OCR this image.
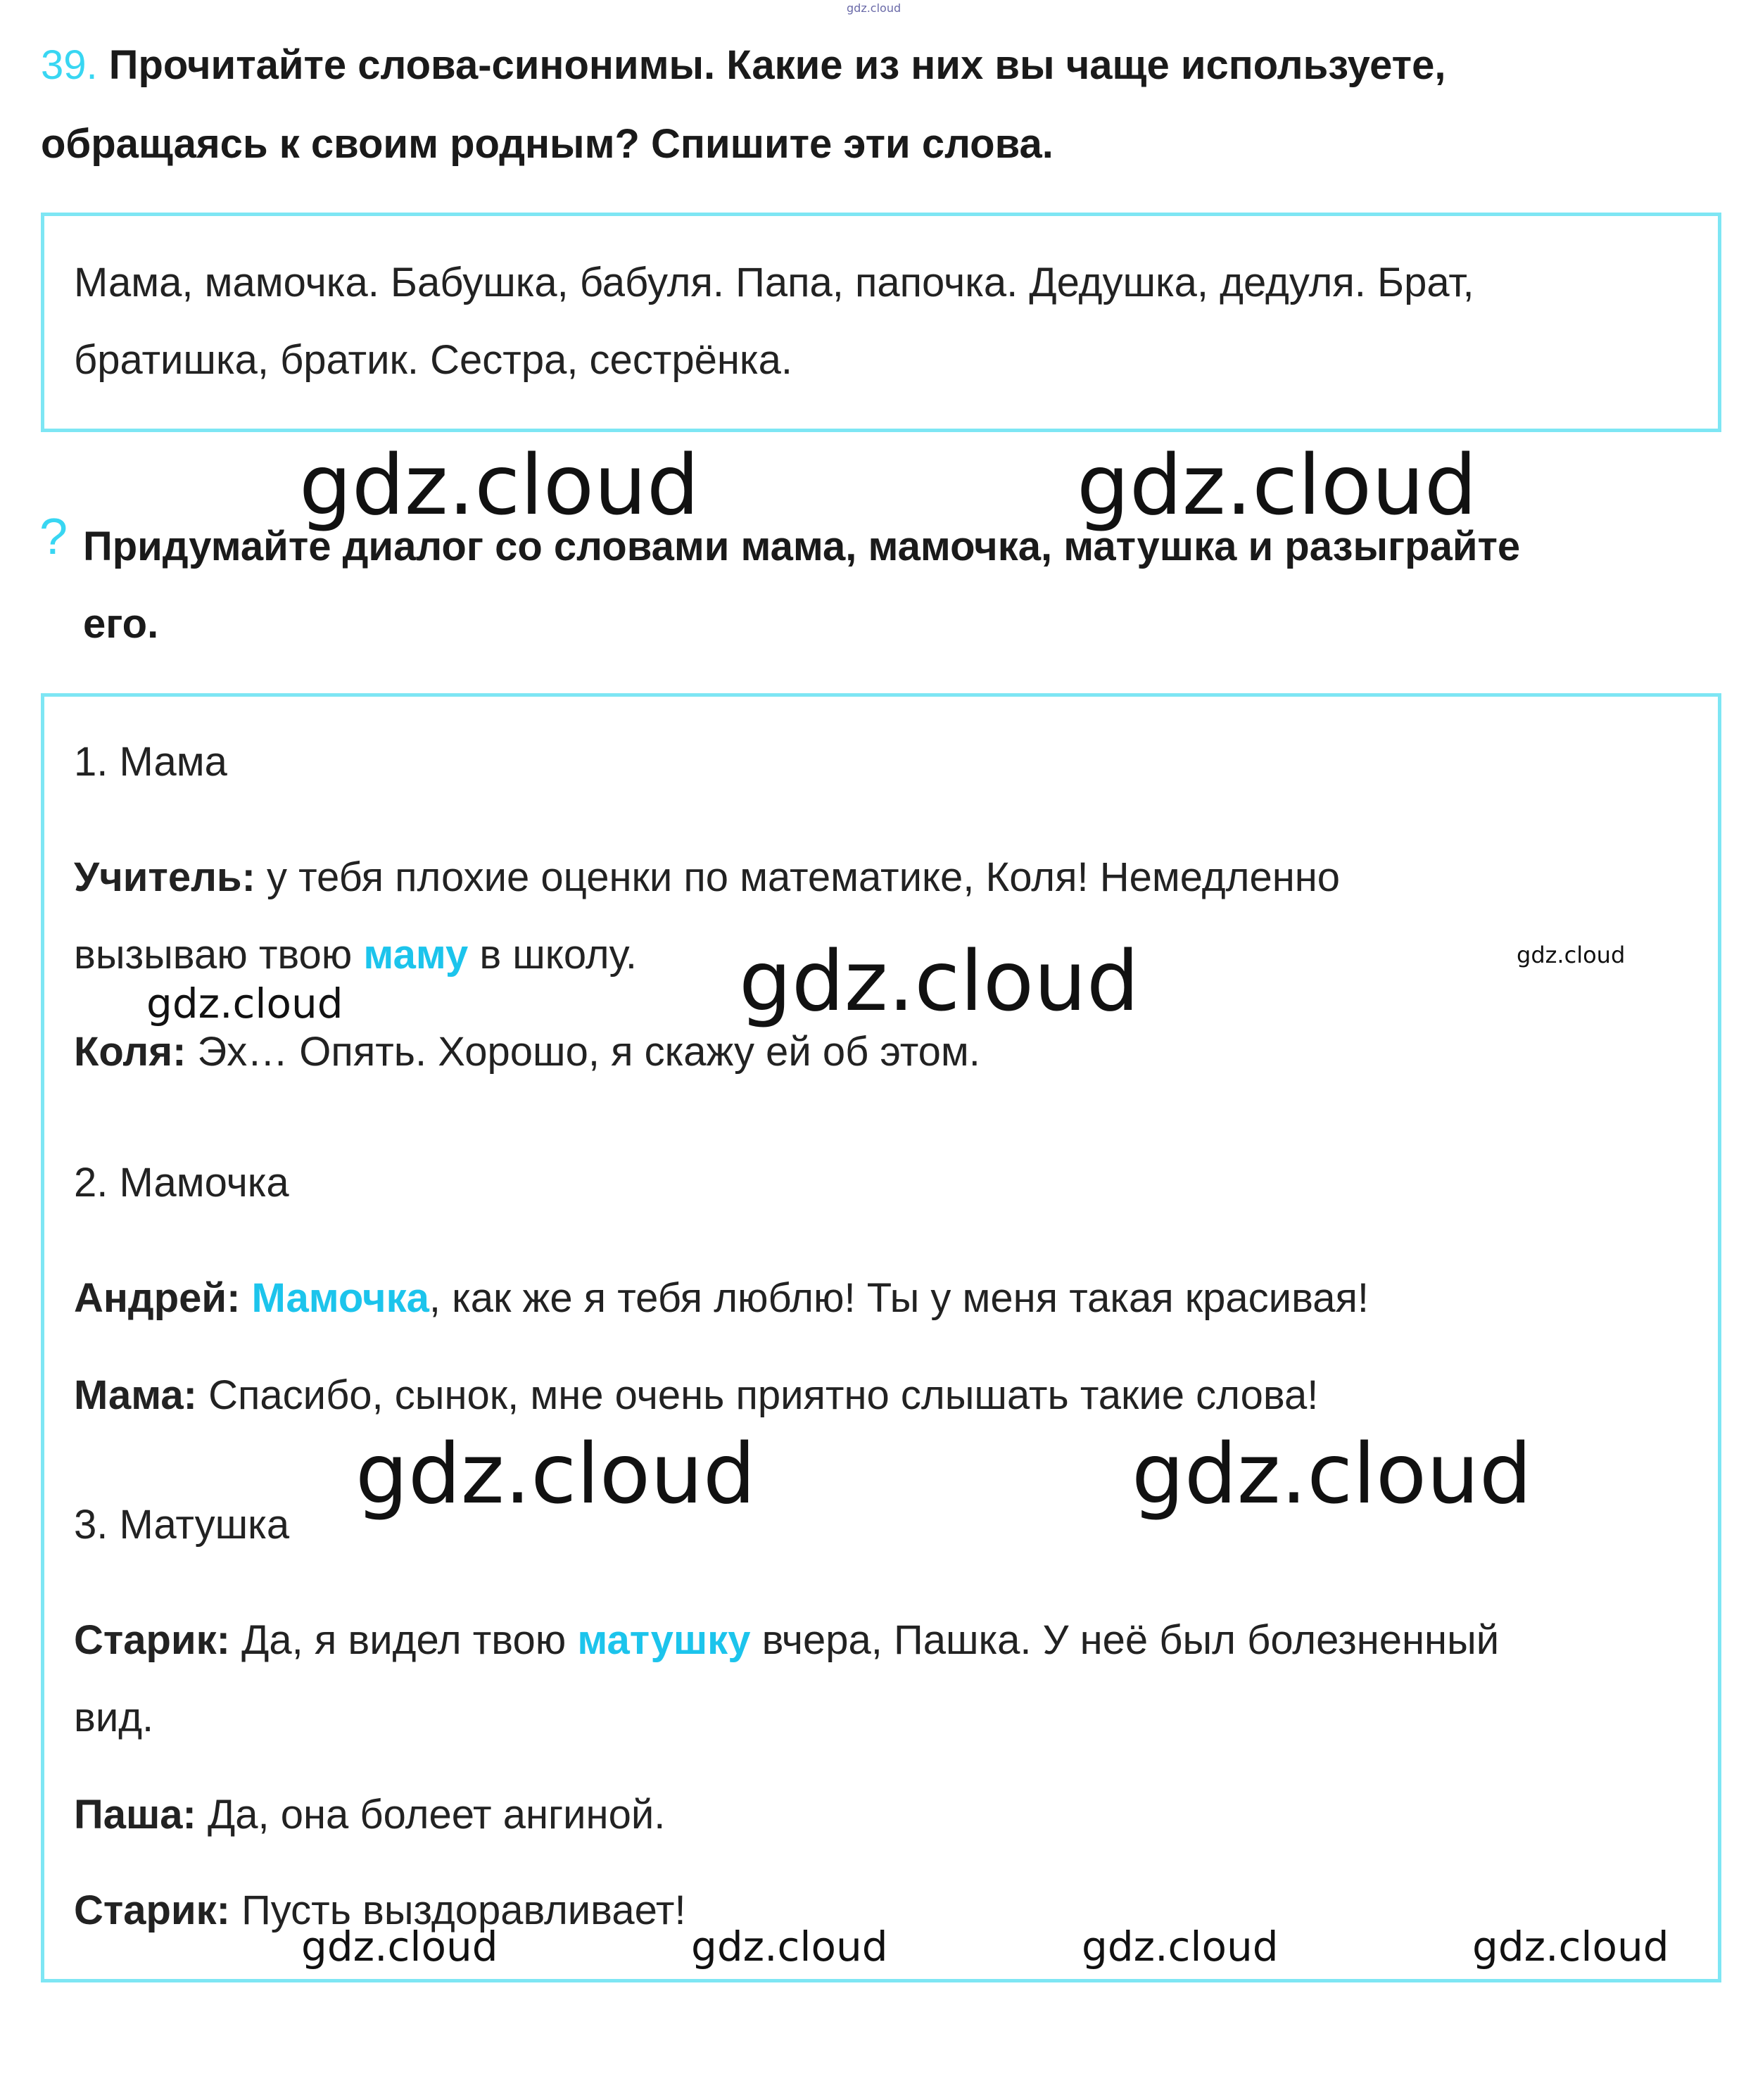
gdz.cloud
39. Прочитайте слова-синонимы. Какие из них вы чаще используете,
обращаясь к своим родным? Спишите эти слова.
Мама, мамочка. Бабушка, бабуля. Папа, папочка. Дедушка, дедуля. Брат,
братишка, братик. Сестра, сестрёнка.
? Придумайте диалог со словами мама, мамочка, матушка и разыграйте
его.
1. Мама
Учитель: у тебя плохие оценки по математике, Коля! Немедленно
вызываю твою маму в школу.
Коля: Эх… Опять. Хорошо, я скажу ей об этом.
2. Мамочка
Андрей: Мамочка, как же я тебя люблю! Ты у меня такая красивая!
Мама: Спасибо, сынок, мне очень приятно слышать такие слова!
3. Матушка
Старик: Да, я видел твою матушку вчера, Пашка. У неё был болезненный
вид.
Паша: Да, она болеет ангиной.
Старик: Пусть выздоравливает!
gdz.cloud	gdz.cloud
gdz.cloud
gdz.cloud
gdz.cloud
gdz.cloud	gdz.cloud
gdz.cloud	gdz.cloud	gdz.cloud	gdz.cloud
